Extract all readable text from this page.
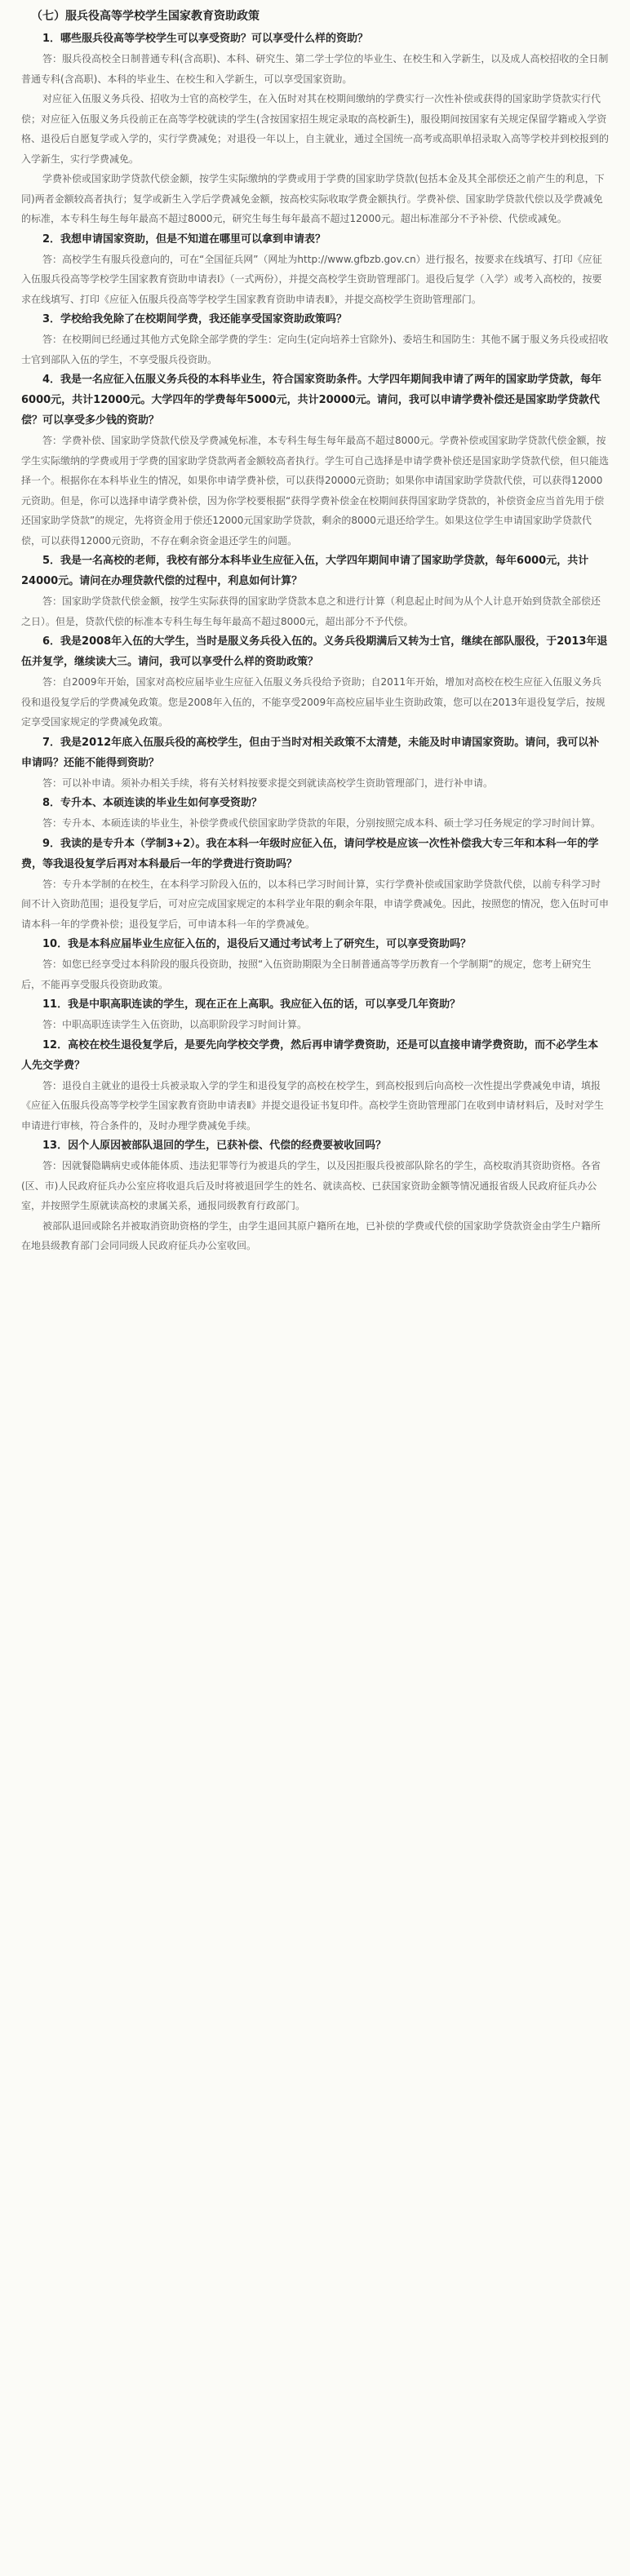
（七）服兵役高等学校学生国家教育资助政策

1．哪些服兵役高等学校学生可以享受资助？可以享受什么样的资助？

答：服兵役高校全日制普通专科(含高职)、本科、研究生、第二学士学位的毕业生、在校生和入学新生，以及成人高校招收的全日制普通专科(含高职)、本科的毕业生、在校生和入学新生，可以享受国家资助。

对应征入伍服义务兵役、招收为士官的高校学生，在入伍时对其在校期间缴纳的学费实行一次性补偿或获得的国家助学贷款实行代偿；对应征入伍服义务兵役前正在高等学校就读的学生(含按国家招生规定录取的高校新生)，服役期间按国家有关规定保留学籍或入学资格、退役后自愿复学或入学的，实行学费减免；对退役一年以上，自主就业，通过全国统一高考或高职单招录取入高等学校并到校报到的入学新生，实行学费减免。

学费补偿或国家助学贷款代偿金额，按学生实际缴纳的学费或用于学费的国家助学贷款(包括本金及其全部偿还之前产生的利息，下同)两者金额较高者执行；复学或新生入学后学费减免金额，按高校实际收取学费金额执行。学费补偿、国家助学贷款代偿以及学费减免的标准，本专科生每生每年最高不超过8000元，研究生每生每年最高不超过12000元。超出标准部分不予补偿、代偿或减免。

2．我想申请国家资助，但是不知道在哪里可以拿到申请表？

答：高校学生有服兵役意向的，可在“全国征兵网”（网址为http://www.gfbzb.gov.cn）进行报名，按要求在线填写、打印《应征入伍服兵役高等学校学生国家教育资助申请表Ⅰ》（一式两份），并提交高校学生资助管理部门。退役后复学（入学）或考入高校的，按要求在线填写、打印《应征入伍服兵役高等学校学生国家教育资助申请表Ⅱ》，并提交高校学生资助管理部门。

3．学校给我免除了在校期间学费，我还能享受国家资助政策吗？

答：在校期间已经通过其他方式免除全部学费的学生：定向生(定向培养士官除外)、委培生和国防生：其他不属于服义务兵役或招收士官到部队入伍的学生，不享受服兵役资助。

4．我是一名应征入伍服义务兵役的本科毕业生，符合国家资助条件。大学四年期间我申请了两年的国家助学贷款，每年6000元，共计12000元。大学四年的学费每年5000元，共计20000元。请问，我可以申请学费补偿还是国家助学贷款代偿？可以享受多少钱的资助？

答：学费补偿、国家助学贷款代偿及学费减免标准，本专科生每生每年最高不超过8000元。学费补偿或国家助学贷款代偿金额，按学生实际缴纳的学费或用于学费的国家助学贷款两者金额较高者执行。学生可自己选择是申请学费补偿还是国家助学贷款代偿，但只能选择一个。根据你在本科毕业生的情况，如果你申请学费补偿，可以获得20000元资助；如果你申请国家助学贷款代偿，可以获得12000元资助。但是，你可以选择申请学费补偿，因为你学校要根据“获得学费补偿金在校期间获得国家助学贷款的，补偿资金应当首先用于偿还国家助学贷款”的规定，先将资金用于偿还12000元国家助学贷款，剩余的8000元退还给学生。如果这位学生申请国家助学贷款代偿，可以获得12000元资助，不存在剩余资金退还学生的问题。

5．我是一名高校的老师，我校有部分本科毕业生应征入伍，大学四年期间申请了国家助学贷款，每年6000元，共计24000元。请问在办理贷款代偿的过程中，利息如何计算？

答：国家助学贷款代偿金额，按学生实际获得的国家助学贷款本息之和进行计算（利息起止时间为从个人计息开始到贷款全部偿还之日）。但是，贷款代偿的标准本专科生每生每年最高不超过8000元，超出部分不予代偿。

6．我是2008年入伍的大学生，当时是服义务兵役入伍的。义务兵役期满后又转为士官，继续在部队服役，于2013年退伍并复学，继续读大三。请问，我可以享受什么样的资助政策？

答：自2009年开始，国家对高校应届毕业生应征入伍服义务兵役给予资助；自2011年开始，增加对高校在校生应征入伍服义务兵役和退役复学后的学费减免政策。您是2008年入伍的，不能享受2009年高校应届毕业生资助政策，您可以在2013年退役复学后，按规定享受国家规定的学费减免政策。

7．我是2012年底入伍服兵役的高校学生，但由于当时对相关政策不太清楚，未能及时申请国家资助。请问，我可以补申请吗？还能不能得到资助？

答：可以补申请。须补办相关手续，将有关材料按要求提交到就读高校学生资助管理部门，进行补申请。

8．专升本、本硕连读的毕业生如何享受资助？

答：专升本、本硕连读的毕业生，补偿学费或代偿国家助学贷款的年限，分别按照完成本科、硕士学习任务规定的学习时间计算。

9．我读的是专升本（学制3+2）。我在本科一年级时应征入伍，请问学校是应该一次性补偿我大专三年和本科一年的学费，等我退役复学后再对本科最后一年的学费进行资助吗？

答：专升本学制的在校生，在本科学习阶段入伍的，以本科已学习时间计算，实行学费补偿或国家助学贷款代偿，以前专科学习时间不计入资助范围；退役复学后，可对应完成国家规定的本科学业年限的剩余年限，申请学费减免。因此，按照您的情况，您入伍时可申请本科一年的学费补偿；退役复学后，可申请本科一年的学费减免。

10．我是本科应届毕业生应征入伍的，退役后又通过考试考上了研究生，可以享受资助吗？

答：如您已经享受过本科阶段的服兵役资助，按照“入伍资助期限为全日制普通高等学历教育一个学制期”的规定，您考上研究生后，不能再享受服兵役资助政策。

11．我是中职高职连读的学生，现在正在上高职。我应征入伍的话，可以享受几年资助？

答：中职高职连读学生入伍资助，以高职阶段学习时间计算。

12．高校在校生退役复学后，是要先向学校交学费，然后再申请学费资助，还是可以直接申请学费资助，而不必学生本人先交学费？

答：退役自主就业的退役士兵被录取入学的学生和退役复学的高校在校学生，到高校报到后向高校一次性提出学费减免申请，填报《应征入伍服兵役高等学校学生国家教育资助申请表Ⅱ》并提交退役证书复印件。高校学生资助管理部门在收到申请材料后，及时对学生申请进行审核，符合条件的，及时办理学费减免手续。

13．因个人原因被部队退回的学生，已获补偿、代偿的经费要被收回吗？

答：因就餐隐瞒病史或体能体质、违法犯罪等行为被退兵的学生，以及因拒服兵役被部队除名的学生，高校取消其资助资格。各省(区、市)人民政府征兵办公室应将收退兵后及时将被退回学生的姓名、就读高校、已获国家资助金额等情况通报省级人民政府征兵办公室，并按照学生原就读高校的隶属关系，通报同级教育行政部门。

被部队退回或除名并被取消资助资格的学生，由学生退回其原户籍所在地，已补偿的学费或代偿的国家助学贷款资金由学生户籍所在地县级教育部门会同同级人民政府征兵办公室收回。
